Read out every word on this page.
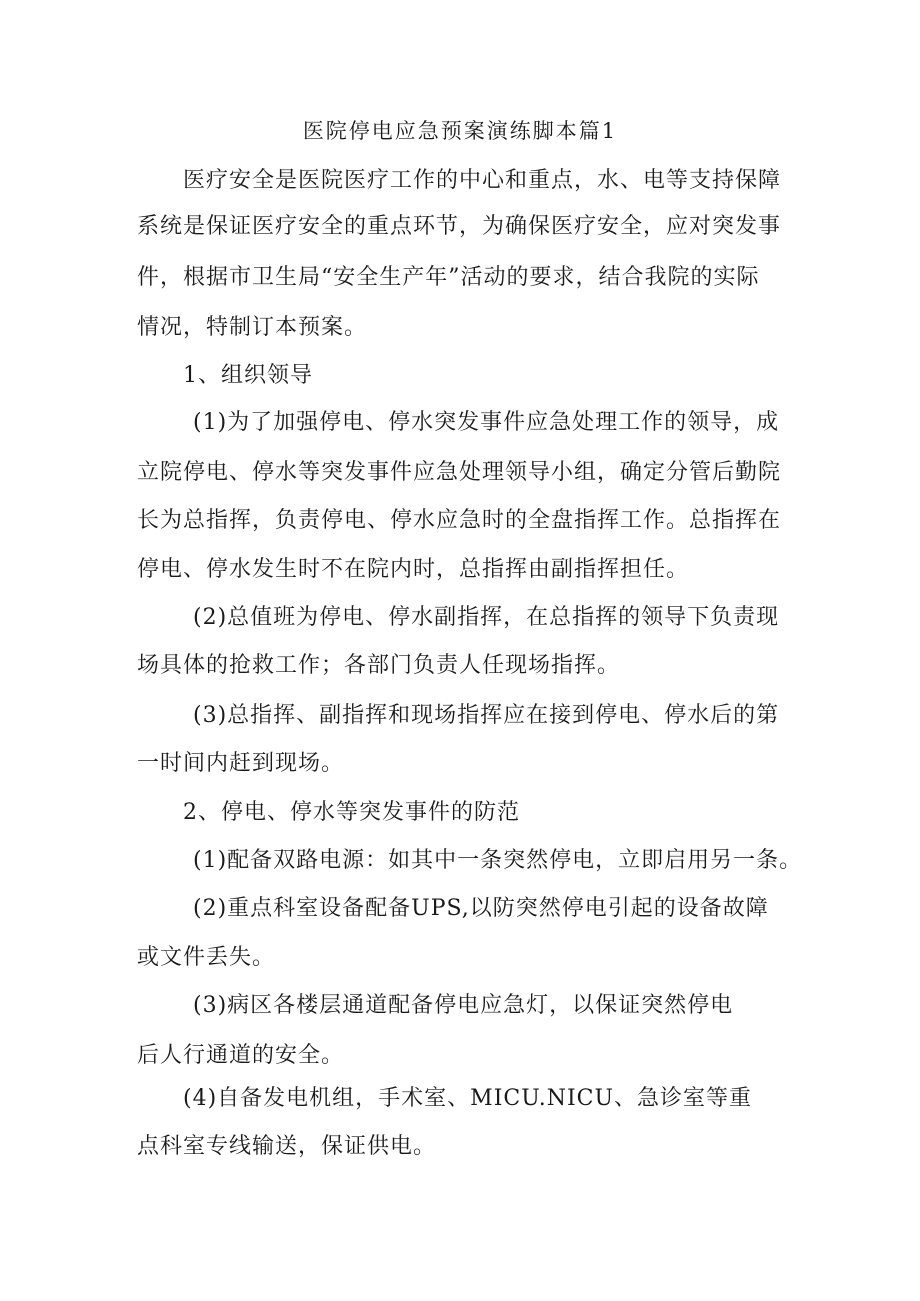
医院停电应急预案演练脚本篇1
医疗安全是医院医疗工作的中心和重点，水、电等支持保障
系统是保证医疗安全的重点环节，为确保医疗安全，应对突发事
件，根据市卫生局“安全生产年”活动的要求，结合我院的实际
情况，特制订本预案。
1、组织领导
(1)为了加强停电、停水突发事件应急处理工作的领导，成
立院停电、停水等突发事件应急处理领导小组，确定分管后勤院
长为总指挥，负责停电、停水应急时的全盘指挥工作。总指挥在
停电、停水发生时不在院内时，总指挥由副指挥担任。
(2)总值班为停电、停水副指挥，在总指挥的领导下负责现
场具体的抢救工作；各部门负责人任现场指挥。
(3)总指挥、副指挥和现场指挥应在接到停电、停水后的第
一时间内赶到现场。
2、停电、停水等突发事件的防范
(1)配备双路电源：如其中一条突然停电，立即启用另一条。
(2)重点科室设备配备UPS,以防突然停电引起的设备故障
或文件丢失。
(3)病区各楼层通道配备停电应急灯，以保证突然停电
后人行通道的安全。
(4)自备发电机组，手术室、MICU.NICU、急诊室等重
点科室专线输送，保证供电。
